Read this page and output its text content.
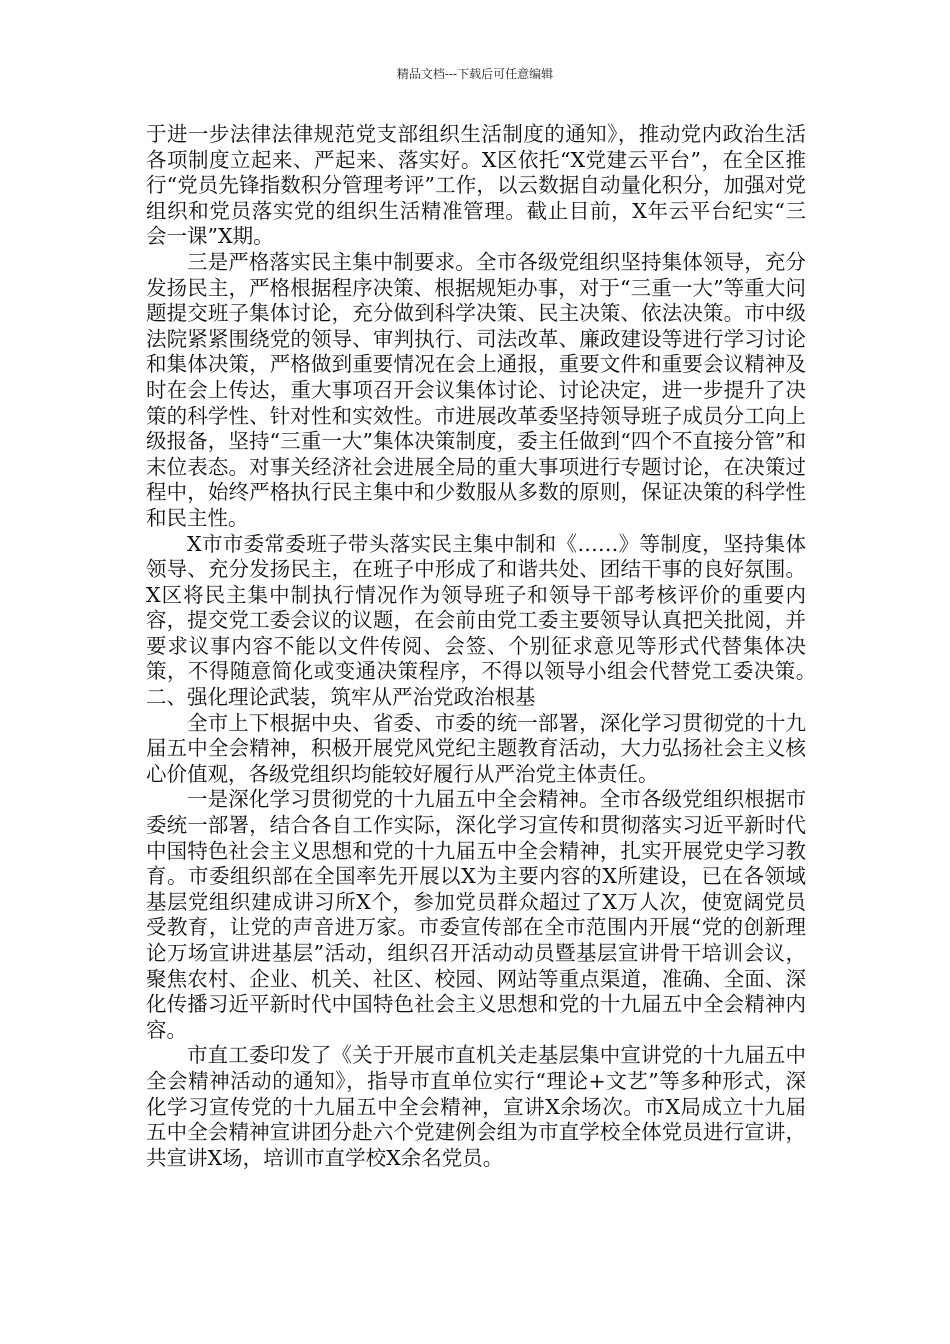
精品文档---下载后可任意编辑

于进一步法律法律规范党支部组织生活制度的通知》，推动党内政治生活各项制度立起来、严起来、落实好。X区依托“X党建云平台”，在全区推行“党员先锋指数积分管理考评”工作，以云数据自动量化积分，加强对党组织和党员落实党的组织生活精准管理。截止目前，X年云平台纪实“三会一课”X期。

三是严格落实民主集中制要求。全市各级党组织坚持集体领导，充分发扬民主，严格根据程序决策、根据规矩办事，对于“三重一大”等重大问题提交班子集体讨论，充分做到科学决策、民主决策、依法决策。市中级法院紧紧围绕党的领导、审判执行、司法改革、廉政建设等进行学习讨论和集体决策，严格做到重要情况在会上通报，重要文件和重要会议精神及时在会上传达，重大事项召开会议集体讨论、讨论决定，进一步提升了决策的科学性、针对性和实效性。市进展改革委坚持领导班子成员分工向上级报备，坚持“三重一大”集体决策制度，委主任做到“四个不直接分管”和末位表态。对事关经济社会进展全局的重大事项进行专题讨论，在决策过程中，始终严格执行民主集中和少数服从多数的原则，保证决策的科学性和民主性。

X市市委常委班子带头落实民主集中制和《……》等制度，坚持集体领导、充分发扬民主，在班子中形成了和谐共处、团结干事的良好氛围。X区将民主集中制执行情况作为领导班子和领导干部考核评价的重要内容，提交党工委会议的议题，在会前由党工委主要领导认真把关批阅，并要求议事内容不能以文件传阅、会签、个别征求意见等形式代替集体决策，不得随意简化或变通决策程序，不得以领导小组会代替党工委决策。　　　二、强化理论武装，筑牢从严治党政治根基

全市上下根据中央、省委、市委的统一部署，深化学习贯彻党的十九届五中全会精神，积极开展党风党纪主题教育活动，大力弘扬社会主义核心价值观，各级党组织均能较好履行从严治党主体责任。

一是深化学习贯彻党的十九届五中全会精神。全市各级党组织根据市委统一部署，结合各自工作实际，深化学习宣传和贯彻落实习近平新时代中国特色社会主义思想和党的十九届五中全会精神，扎实开展党史学习教育。市委组织部在全国率先开展以X为主要内容的X所建设，已在各领域基层党组织建成讲习所X个，参加党员群众超过了X万人次，使宽阔党员受教育，让党的声音进万家。市委宣传部在全市范围内开展“党的创新理论万场宣讲进基层”活动，组织召开活动动员暨基层宣讲骨干培训会议，聚焦农村、企业、机关、社区、校园、网站等重点渠道，准确、全面、深化传播习近平新时代中国特色社会主义思想和党的十九届五中全会精神内容。

市直工委印发了《关于开展市直机关走基层集中宣讲党的十九届五中全会精神活动的通知》，指导市直单位实行“理论+文艺”等多种形式，深化学习宣传党的十九届五中全会精神，宣讲X余场次。市X局成立十九届五中全会精神宣讲团分赴六个党建例会组为市直学校全体党员进行宣讲，共宣讲X场，培训市直学校X余名党员。
